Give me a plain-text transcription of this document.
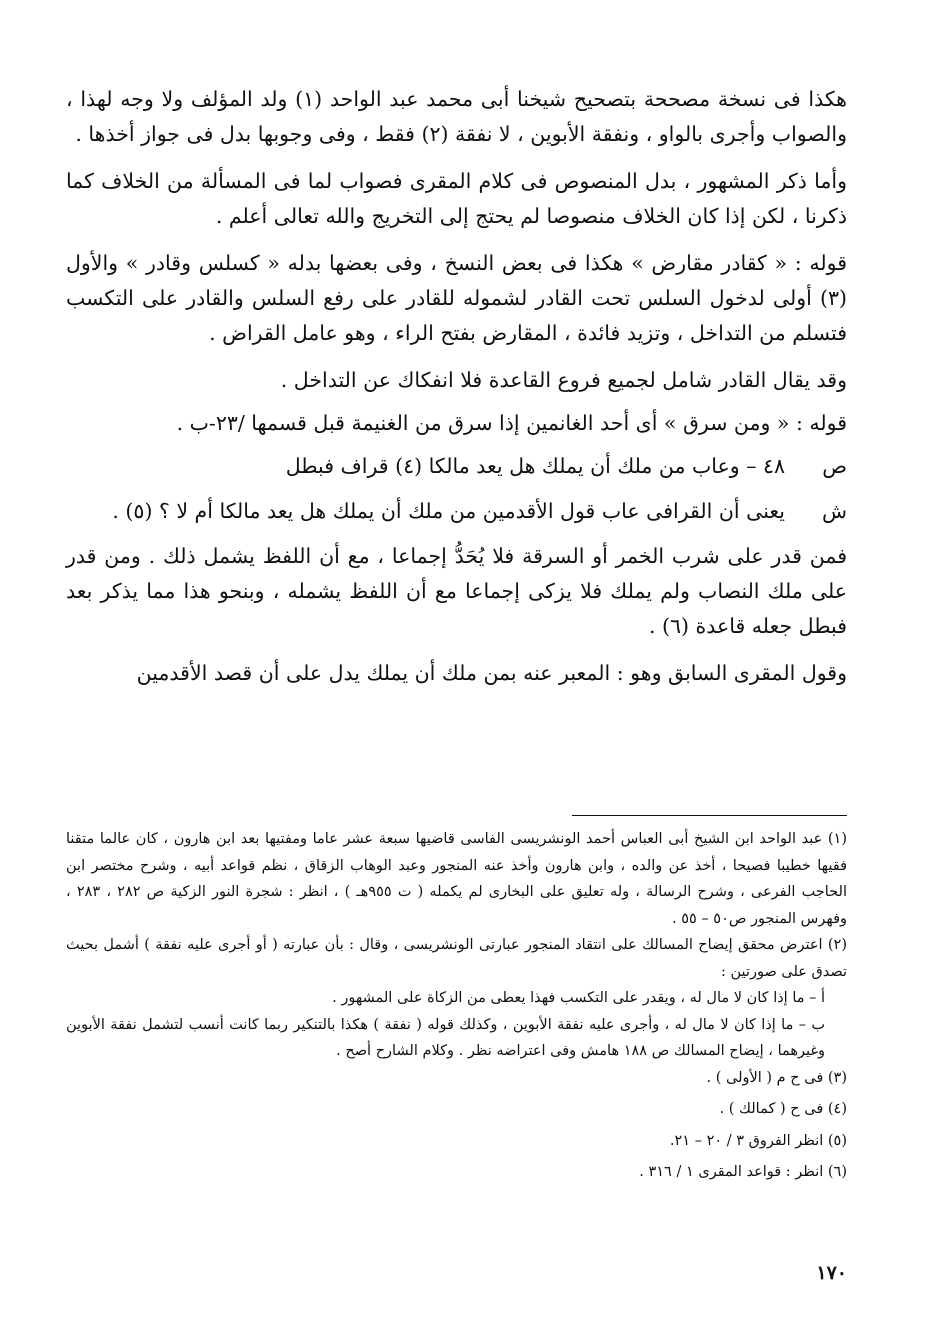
هكذا فى نسخة مصححة بتصحيح شيخنا أبى محمد عبد الواحد (١) ولد المؤلف ولا وجه لهذا ، والصواب وأجرى بالواو ، ونفقة الأبوين ، لا نفقة (٢) فقط ، وفى وجوبها بدل فى جواز أخذها .

وأما ذكر المشهور ، بدل المنصوص فى كلام المقرى فصواب لما فى المسألة من الخلاف كما ذكرنا ، لكن إذا كان الخلاف منصوصا لم يحتج إلى التخريج والله تعالى أعلم .

قوله : « كقادر مقارض » هكذا فى بعض النسخ ، وفى بعضها بدله « كسلس وقادر » والأول (٣) أولى لدخول السلس تحت القادر لشموله للقادر على رفع السلس والقادر على التكسب فتسلم من التداخل ، وتزيد فائدة ، المقارض بفتح الراء ، وهو عامل القراض .

وقد يقال القادر شامل لجميع فروع القاعدة فلا انفكاك عن التداخل .

قوله : « ومن سرق » أى أحد الغانمين إذا سرق من الغنيمة قبل قسمها /٢٣-ب .

ص
٤٨ – وعاب من ملك أن يملك هل يعد مالكا (٤) قراف فبطل
ش
يعنى أن القرافى عاب قول الأقدمين من ملك أن يملك هل يعد مالكا أم لا ؟ (٥) .

فمن قدر على شرب الخمر أو السرقة فلا يُحَدُّ إجماعا ، مع أن اللفظ يشمل ذلك . ومن قدر على ملك النصاب ولم يملك فلا يزكى إجماعا مع أن اللفظ يشمله ، وبنحو هذا مما يذكر بعد فبطل جعله قاعدة (٦) .

وقول المقرى السابق وهو : المعبر عنه بمن ملك أن يملك يدل على أن قصد الأقدمين

(١) عبد الواحد ابن الشيخ أبى العباس أحمد الونشريسى الفاسى قاضيها سبعة عشر عاما ومفتيها بعد ابن هارون ، كان عالما متقنا فقيها خطيبا فصيحا ، أخذ عن والده ، وابن هارون وأخذ عنه المنجور وعبد الوهاب الزقاق ، نظم قواعد أبيه ، وشرح مختصر ابن الحاجب الفرعى ، وشرح الرسالة ، وله تعليق على البخارى لم يكمله ( ت ٩٥٥هـ ) ، انظر : شجرة النور الزكية ص ٢٨٢ ، ٢٨٣ ، وفهرس المنجور ص٥٠ – ٥٥ .

(٢) اعترض محقق إيضاح المسالك على انتقاد المنجور عبارتى الونشريسى ، وقال : بأن عبارته ( أو أجرى عليه نفقة ) أشمل بحيث تصدق على صورتين :

أ – ما إذا كان لا مال له ، ويقدر على التكسب فهذا يعطى من الزكاة على المشهور .

ب – ما إذا كان لا مال له ، وأجرى عليه نفقة الأبوين ، وكذلك قوله ( نفقة ) هكذا بالتنكير ربما كانت أنسب لتشمل نفقة الأبوين وغيرهما ، إيضاح المسالك ص ١٨٨ هامش وفى اعتراضه نظر . وكلام الشارح أصح .

(٣) فى ح م ( الأولى ) .

(٤) فى ح ( كمالك ) .

(٥) انظر الفروق ٣ / ٢٠ – ٢١.

(٦) انظر : قواعد المقرى ١ / ٣١٦ .

١٧٠
